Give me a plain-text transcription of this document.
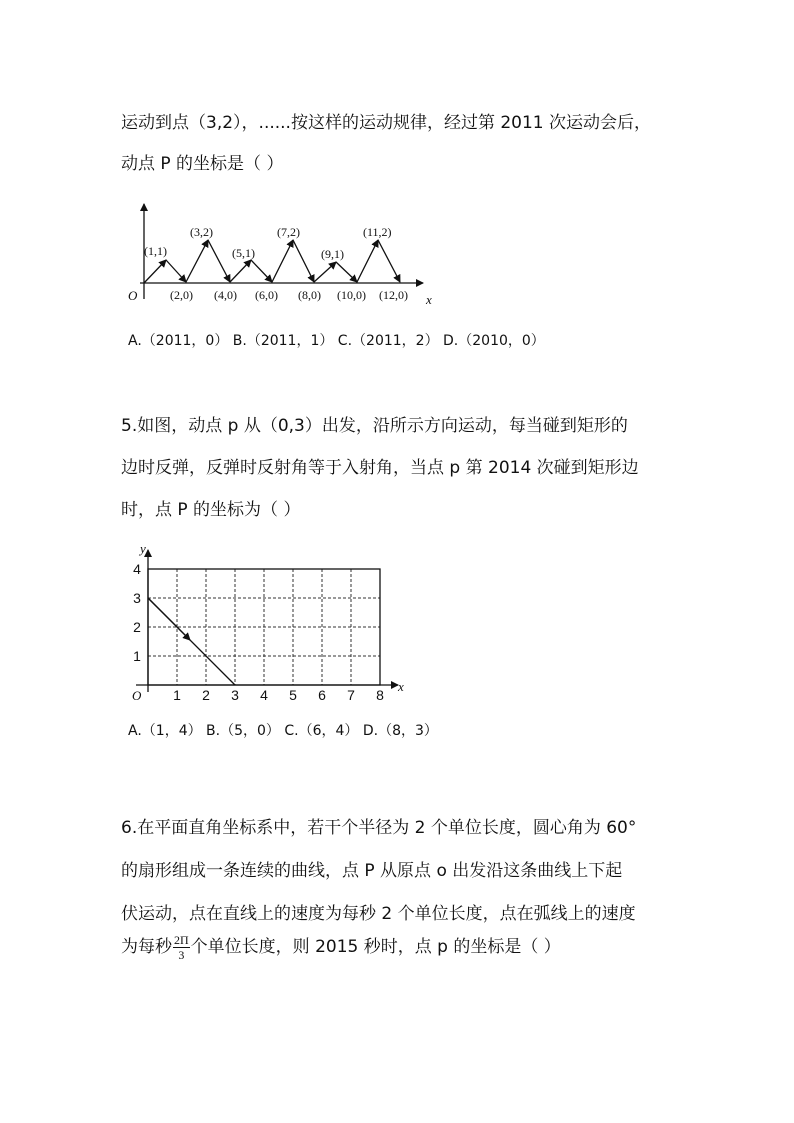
运动到点（3,2），......按这样的运动规律，经过第 2011 次运动会后，
动点 P 的坐标是（ ）
O	x
(1,1)
(3,2)
(5,1)
(7,2)
(9,1)
(11,2)
(2,0) (4,0) (6,0) (8,0) (10,0) (12,0)
A.（2011，0） B.（2011，1） C.（2011，2） D.（2010，0）
5.如图，动点 p 从（0,3）出发，沿所示方向运动，每当碰到矩形的
边时反弹，反弹时反射角等于入射角，当点 p 第 2014 次碰到矩形边
时，点 P 的坐标为（ ）
1 2 3 4 5 6 7 8
1
2
3
4
O
x
y
A.（1，4） B.（5，0） C.（6，4） D.（8，3）
6.在平面直角坐标系中，若干个半径为 2 个单位长度，圆心角为 60°
的扇形组成一条连续的曲线，点 P 从原点 o 出发沿这条曲线上下起
伏运动，点在直线上的速度为每秒 2 个单位长度，点在弧线上的速度
为每秒 $\frac{2\Pi}{3}$ 个单位长度，则 2015 秒时，点 p 的坐标是（ ）
